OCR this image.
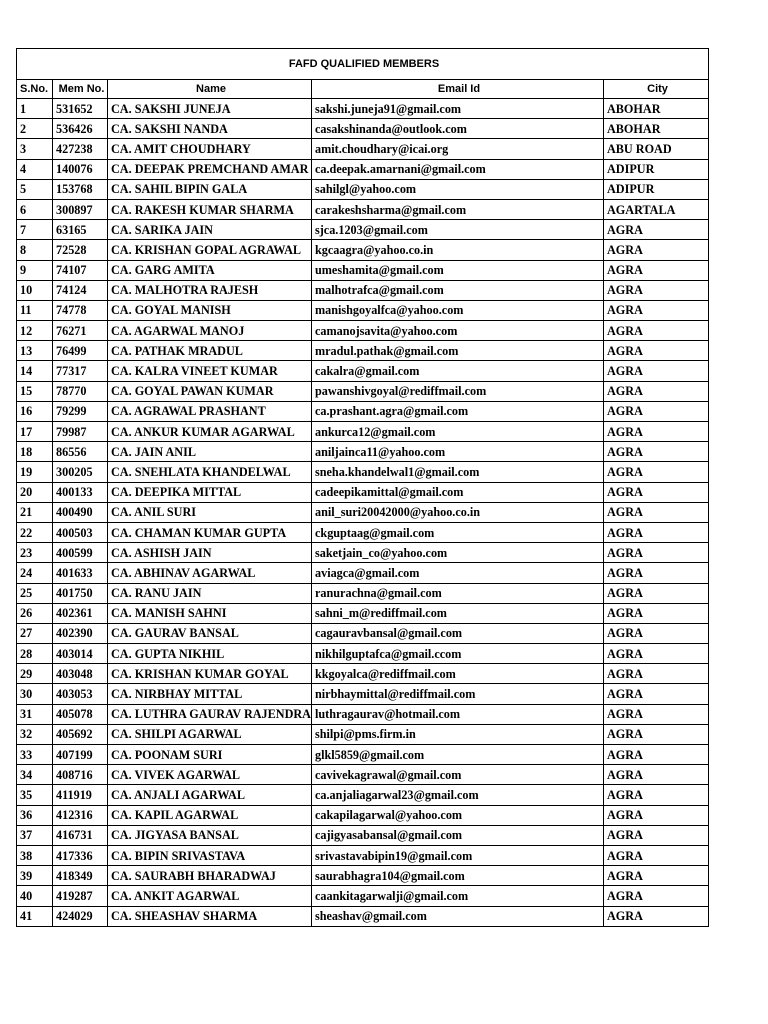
FAFD QUALIFIED MEMBERS				
S.No.	Mem No.	Name	Email Id	City
1	531652	CA. SAKSHI JUNEJA	sakshi.juneja91@gmail.com	ABOHAR
2	536426	CA. SAKSHI NANDA	casakshinanda@outlook.com	ABOHAR
3	427238	CA. AMIT CHOUDHARY	amit.choudhary@icai.org	ABU ROAD
4	140076	CA. DEEPAK PREMCHAND AMAR	ca.deepak.amarnani@gmail.com	ADIPUR
5	153768	CA. SAHIL BIPIN GALA	sahilgl@yahoo.com	ADIPUR
6	300897	CA. RAKESH KUMAR SHARMA	carakeshsharma@gmail.com	AGARTALA
7	63165	CA. SARIKA JAIN	sjca.1203@gmail.com	AGRA
8	72528	CA. KRISHAN GOPAL AGRAWAL	kgcaagra@yahoo.co.in	AGRA
9	74107	CA. GARG AMITA	umeshamita@gmail.com	AGRA
10	74124	CA. MALHOTRA RAJESH	malhotrafca@gmail.com	AGRA
11	74778	CA. GOYAL MANISH	manishgoyalfca@yahoo.com	AGRA
12	76271	CA. AGARWAL MANOJ	camanojsavita@yahoo.com	AGRA
13	76499	CA. PATHAK MRADUL	mradul.pathak@gmail.com	AGRA
14	77317	CA. KALRA VINEET KUMAR	cakalra@gmail.com	AGRA
15	78770	CA. GOYAL PAWAN KUMAR	pawanshivgoyal@rediffmail.com	AGRA
16	79299	CA. AGRAWAL PRASHANT	ca.prashant.agra@gmail.com	AGRA
17	79987	CA. ANKUR KUMAR AGARWAL	ankurca12@gmail.com	AGRA
18	86556	CA. JAIN ANIL	aniljainca11@yahoo.com	AGRA
19	300205	CA. SNEHLATA KHANDELWAL	sneha.khandelwal1@gmail.com	AGRA
20	400133	CA. DEEPIKA MITTAL	cadeepikamittal@gmail.com	AGRA
21	400490	CA. ANIL SURI	anil_suri20042000@yahoo.co.in	AGRA
22	400503	CA. CHAMAN KUMAR GUPTA	ckguptaag@gmail.com	AGRA
23	400599	CA. ASHISH JAIN	saketjain_co@yahoo.com	AGRA
24	401633	CA. ABHINAV AGARWAL	aviagca@gmail.com	AGRA
25	401750	CA. RANU JAIN	ranurachna@gmail.com	AGRA
26	402361	CA. MANISH SAHNI	sahni_m@rediffmail.com	AGRA
27	402390	CA. GAURAV BANSAL	cagauravbansal@gmail.com	AGRA
28	403014	CA. GUPTA NIKHIL	nikhilguptafca@gmail.ccom	AGRA
29	403048	CA. KRISHAN KUMAR GOYAL	kkgoyalca@rediffmail.com	AGRA
30	403053	CA. NIRBHAY MITTAL	nirbhaymittal@rediffmail.com	AGRA
31	405078	CA. LUTHRA GAURAV RAJENDRA	luthragaurav@hotmail.com	AGRA
32	405692	CA. SHILPI AGARWAL	shilpi@pms.firm.in	AGRA
33	407199	CA. POONAM SURI	glkl5859@gmail.com	AGRA
34	408716	CA. VIVEK AGARWAL	cavivekagrawal@gmail.com	AGRA
35	411919	CA. ANJALI AGARWAL	ca.anjaliagarwal23@gmail.com	AGRA
36	412316	CA. KAPIL AGARWAL	cakapilagarwal@yahoo.com	AGRA
37	416731	CA. JIGYASA BANSAL	cajigyasabansal@gmail.com	AGRA
38	417336	CA. BIPIN SRIVASTAVA	srivastavabipin19@gmail.com	AGRA
39	418349	CA. SAURABH BHARADWAJ	saurabhagra104@gmail.com	AGRA
40	419287	CA. ANKIT AGARWAL	caankitagarwalji@gmail.com	AGRA
41	424029	CA. SHEASHAV SHARMA	sheashav@gmail.com	AGRA
